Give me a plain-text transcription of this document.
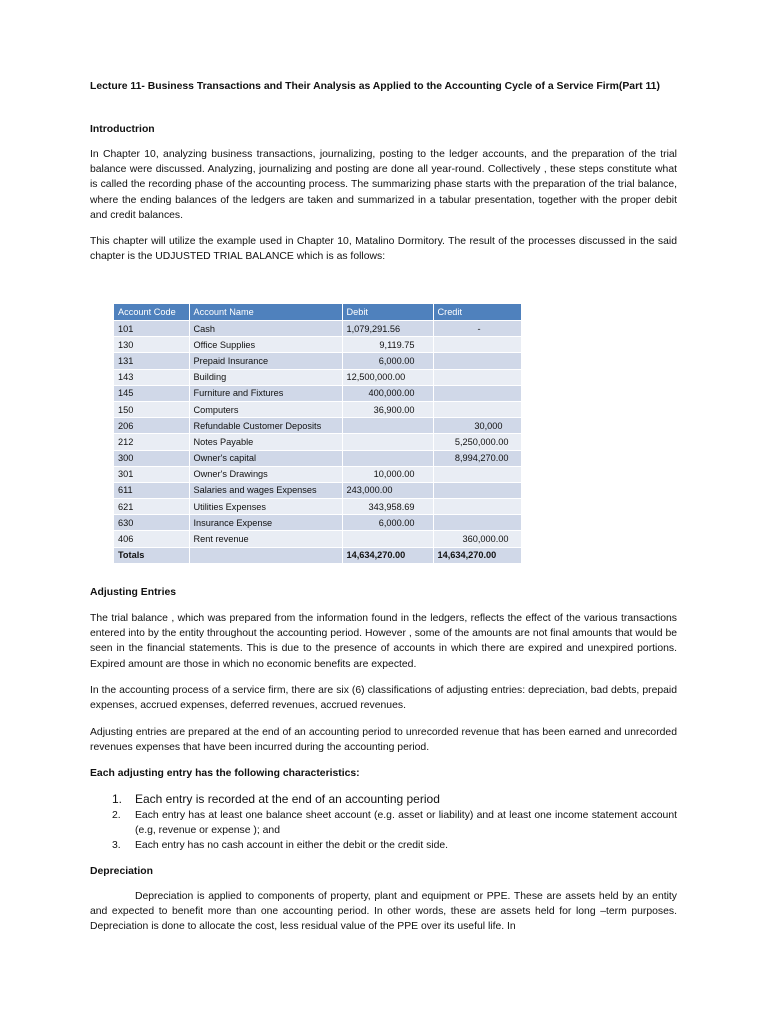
Lecture 11- Business Transactions and Their Analysis as Applied to the Accounting Cycle of a Service Firm(Part 11)

Introductrion

In Chapter 10, analyzing business transactions, journalizing, posting to the ledger accounts, and the preparation of the trial balance were discussed. Analyzing, journalizing and posting are done all year-round. Collectively , these steps constitute what is called the recording phase of the accounting process. The summarizing phase starts with the preparation of the trial balance, where the ending balances of the ledgers are taken and summarized in a tabular presentation, together with the proper debit and credit balances.

This chapter will utilize the example used in Chapter 10, Matalino Dormitory. The result of the processes discussed in the said chapter is the UDJUSTED TRIAL BALANCE which is as follows:

Account Code	Account Name	Debit	Credit
101	Cash	1,079,291.56	-
130	Office Supplies	9,119.75	
131	Prepaid Insurance	6,000.00	
143	Building	12,500,000.00	
145	Furniture and Fixtures	400,000.00	
150	Computers	36,900.00	
206	Refundable Customer Deposits		30,000
212	Notes Payable		5,250,000.00
300	Owner's capital		8,994,270.00
301	Owner's Drawings	10,000.00	
611	Salaries and wages Expenses	243,000.00	
621	Utilities Expenses	343,958.69	
630	Insurance Expense	6,000.00	
406	Rent revenue		360,000.00
Totals		14,634,270.00	14,634,270.00

Adjusting Entries

The trial balance , which was prepared from the information found in the ledgers, reflects the effect of the various transactions entered into by the entity throughout the accounting period. However , some of the amounts are not final amounts that would be seen in the financial statements. This is due to the presence of accounts in which there are expired and unexpired portions. Expired amount are those in which no economic benefits are expected.

In the accounting process of a service firm, there are six (6) classifications of adjusting entries: depreciation, bad debts, prepaid expenses, accrued expenses, deferred revenues, accrued revenues.

Adjusting entries are prepared at the end of an accounting period to unrecorded revenue that has been earned and unrecorded revenues expenses that have been incurred during the accounting period.

Each adjusting entry has the following characteristics:

1. Each entry is recorded at the end of an accounting period
2. Each entry has at least one balance sheet account (e.g. asset or liability) and at least one income statement account (e.g, revenue or expense ); and
3. Each entry has no cash account in either the debit or the credit side.

Depreciation

Depreciation is applied to components of property, plant and equipment or PPE. These are assets held by an entity and expected to benefit more than one accounting period. In other words, these are assets held for long –term purposes. Depreciation is done to allocate the cost, less residual value of the PPE over its useful life. In
